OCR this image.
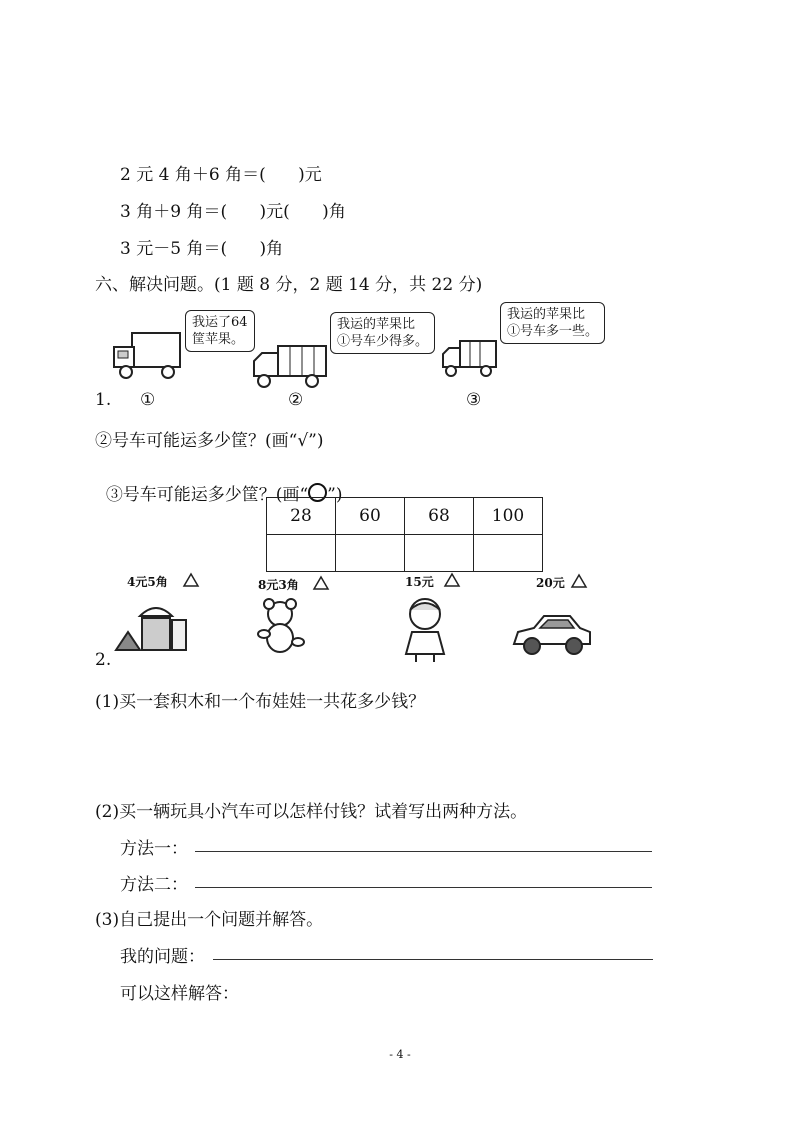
2 元 4 角＋6 角＝(      )元
3 角＋9 角＝(      )元(      )角
3 元－5 角＝(      )角
六、解决问题。(1 题 8 分，2 题 14 分，共 22 分)
我运了64
筐苹果。
我运的苹果比
①号车少得多。
我运的苹果比
①号车多一些。
1. ①	②	③
②号车可能运多少筐？(画“√”)

③号车可能运多少筐？(画“○”)

28	60	68	100

4元5角	8元3角	15元	20元
2.
(1)买一套积木和一个布娃娃一共花多少钱？
(2)买一辆玩具小汽车可以怎样付钱？试着写出两种方法。
方法一：
方法二：
(3)自己提出一个问题并解答。
我的问题：
可以这样解答：
- 4 -
